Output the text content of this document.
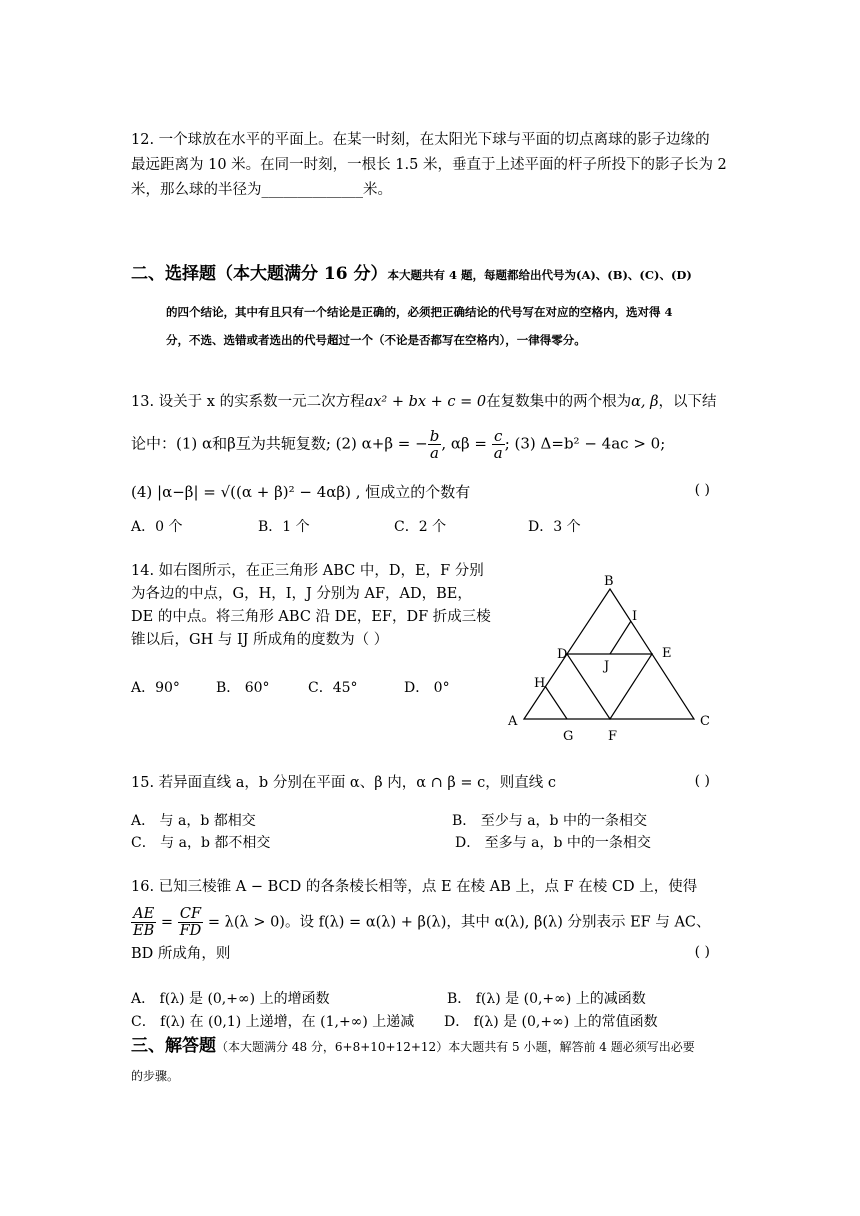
12. 一个球放在水平的平面上。在某一时刻，在太阳光下球与平面的切点离球的影子边缘的
最远距离为 10 米。在同一时刻，一根长 1.5 米，垂直于上述平面的杆子所投下的影子长为 2
米，那么球的半径为______________米。
二、选择题（本大题满分 16 分）本大题共有 4 题，每题都给出代号为(A)、(B)、(C)、(D)
的四个结论，其中有且只有一个结论是正确的，必须把正确结论的代号写在对应的空格内，选对得 4
分，不选、选错或者选出的代号超过一个（不论是否都写在空格内），一律得零分。
13. 设关于 x 的实系数一元二次方程ax² + bx + c = 0在复数集中的两个根为α, β，以下结
论中：(1) α和β互为共轭复数; (2) α+β = − $\frac{b}{a}$ , $\alpha\beta = \frac{c}{a}$ ; (3) Δ=b² − 4ac > 0;
(4) |α−β| = √((α + β)² − 4αβ) , 恒成立的个数有	( )
A．0 个	B．1 个	C．2 个	D．3 个
14. 如右图所示，在正三角形 ABC 中，D，E，F 分别
为各边的中点，G，H，I，J 分别为 AF，AD，BE，
DE 的中点。将三角形 ABC 沿 DE，EF，DF 折成三棱
锥以后，GH 与 IJ 所成角的度数为（ ）
A．90°	B． 60°	C．45°	D． 0°
B
I
D	E
J
H
A	C
G	F
15. 若异面直线 a，b 分别在平面 α、β 内，α ∩ β = c，则直线 c	( )
A． 与 a，b 都相交	B． 至少与 a，b 中的一条相交
C． 与 a，b 都不相交	D． 至多与 a，b 中的一条相交
16. 已知三棱锥 A − BCD 的各条棱长相等，点 E 在棱 AB 上，点 F 在棱 CD 上，使得
$\frac{AE}{EB} = \frac{CF}{FD} = \lambda(\lambda > 0)$。设 f(λ) = α(λ) + β(λ)，其中 α(λ), β(λ) 分别表示 EF 与 AC、
BD 所成角，则	( )
A． f(λ) 是 (0,+∞) 上的增函数	B． f(λ) 是 (0,+∞) 上的减函数
C． f(λ) 在 (0,1) 上递增，在 (1,+∞) 上递减 D． f(λ) 是 (0,+∞) 上的常值函数
三、解答题（本大题满分 48 分，6+8+10+12+12）本大题共有 5 小题，解答前 4 题必须写出必要
的步骤。
